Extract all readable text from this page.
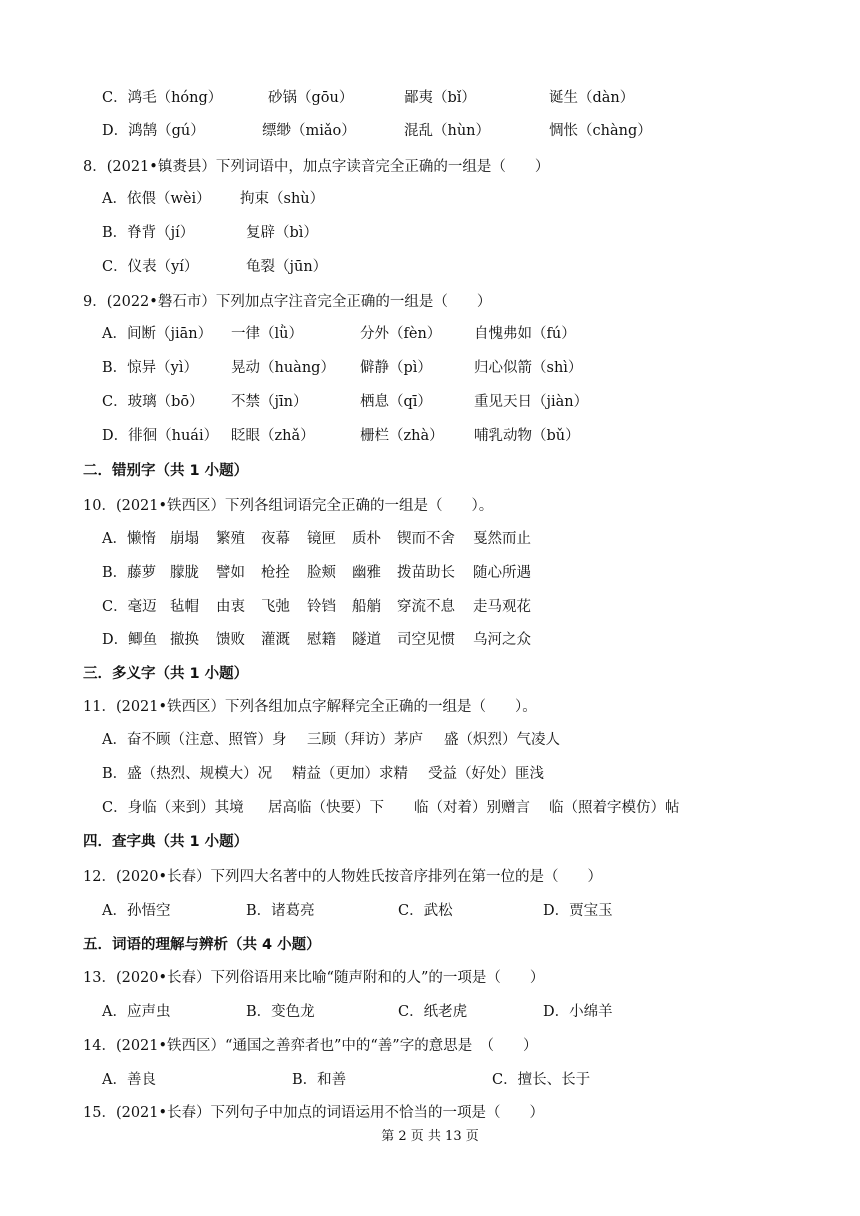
C．鸿毛（hóng）	砂锅（gōu）	鄙夷（bǐ）	诞生（dàn）
D．鸿鹄（gú）	缥缈（miǎo）	混乱（hùn）	惆怅（chàng）
8．(2021•镇赉县）下列词语中，加点字读音完全正确的一组是（　　）
A．依偎（wèi） 拘束（shù）
B．脊背（jí）	复辟（bì）
C．仪表（yí）	龟裂（jūn）
9．(2022•磐石市）下列加点字注音完全正确的一组是（　　）
A．间断（jiān） 一律（lǜ）	分外（fèn） 自愧弗如（fú）
B．惊异（yì） 晃动（huàng） 僻静（pì）	归心似箭（shì）
C．玻璃（bō） 不禁（jīn）	栖息（qī）	重见天日（jiàn）
D．徘徊（huái） 眨眼（zhǎ）	栅栏（zhà） 哺乳动物（bǔ）
二．错别字（共 1 小题）
10．(2021•铁西区）下列各组词语完全正确的一组是（　　）。
A．懒惰 崩塌 繁殖 夜幕 镜匣 质朴 锲而不舍 戛然而止
B．藤萝 朦胧 譬如 枪拴 脸颊 幽雅 拨苗助长 随心所遇
C．毫迈 毡帽 由衷 飞弛 铃铛 船艄 穿流不息 走马观花
D．鲫鱼 撤换 馈败 灌溉 慰籍 隧道 司空见惯 乌河之众
三．多义字（共 1 小题）
11．(2021•铁西区）下列各组加点字解释完全正确的一组是（　　）。
A．奋不顾（注意、照管）身 三顾（拜访）茅庐 盛（炽烈）气凌人
B．盛（热烈、规模大）况 精益（更加）求精 受益（好处）匪浅
C．身临（来到）其境 居高临（快要）下 临（对着）别赠言 临（照着字模仿）帖
四．查字典（共 1 小题）
12．(2020•长春）下列四大名著中的人物姓氏按音序排列在第一位的是（　　）
A．孙悟空	B．诸葛亮	C．武松	D．贾宝玉
五．词语的理解与辨析（共 4 小题）
13．(2020•长春）下列俗语用来比喻“随声附和的人”的一项是（　　）
A．应声虫	B．变色龙	C．纸老虎	D．小绵羊
14．(2021•铁西区）“通国之善弈者也”中的“善”字的意思是　（　　）
A．善良	B．和善	C．擅长、长于
15．(2021•长春）下列句子中加点的词语运用不恰当的一项是（　　）
第 2 页 共 13 页
